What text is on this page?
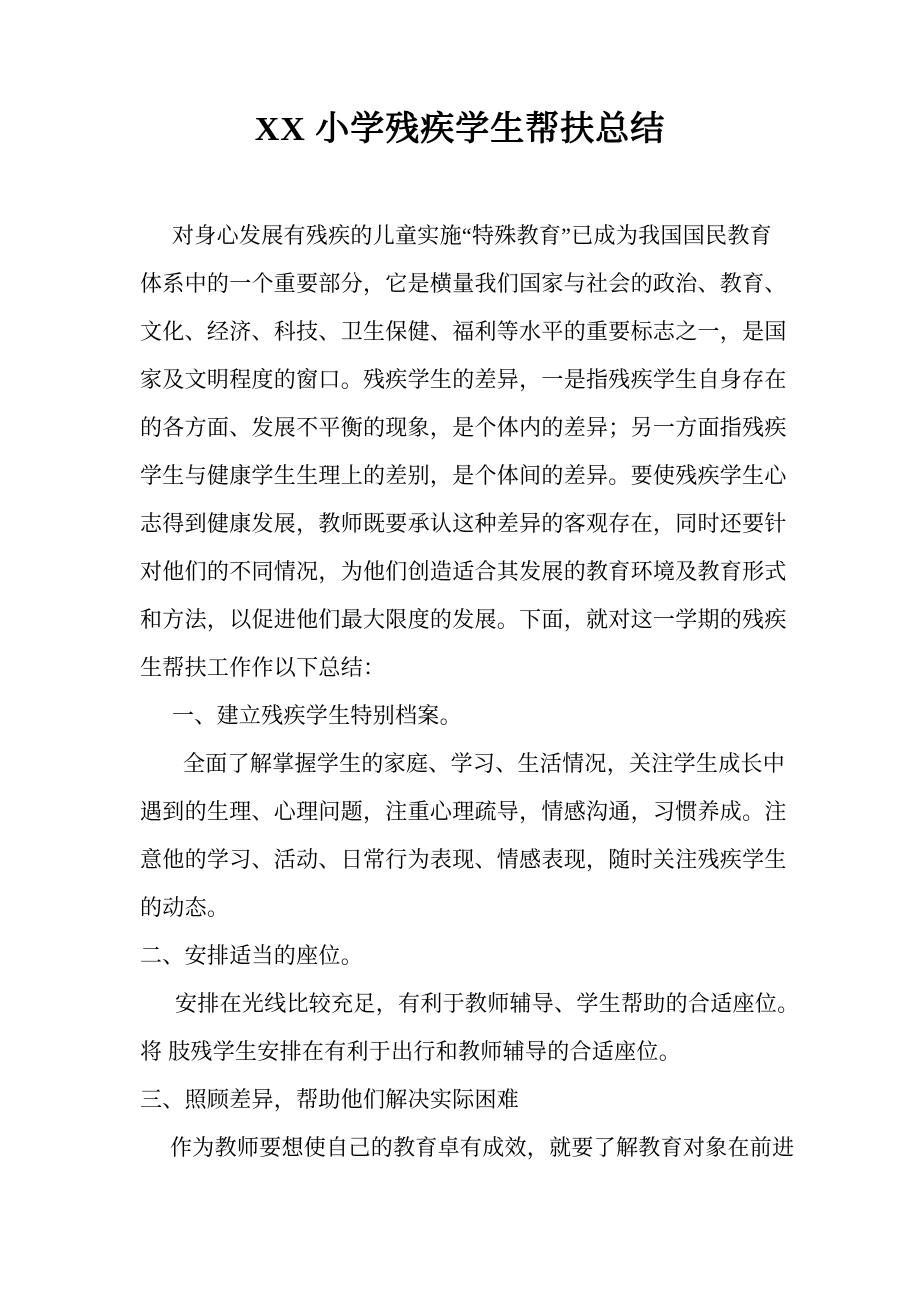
XX 小学残疾学生帮扶总结
对身心发展有残疾的儿童实施“特殊教育”已成为我国国民教育
体系中的一个重要部分，它是横量我们国家与社会的政治、教育、
文化、经济、科技、卫生保健、福利等水平的重要标志之一，是国
家及文明程度的窗口。残疾学生的差异，一是指残疾学生自身存在
的各方面、发展不平衡的现象，是个体内的差异；另一方面指残疾
学生与健康学生生理上的差别，是个体间的差异。要使残疾学生心
志得到健康发展，教师既要承认这种差异的客观存在，同时还要针
对他们的不同情况，为他们创造适合其发展的教育环境及教育形式
和方法，以促进他们最大限度的发展。下面，就对这一学期的残疾
生帮扶工作作以下总结：
一、建立残疾学生特别档案。
全面了解掌握学生的家庭、学习、生活情况，关注学生成长中
遇到的生理、心理问题，注重心理疏导，情感沟通，习惯养成。注
意他的学习、活动、日常行为表现、情感表现，随时关注残疾学生
的动态。
二、安排适当的座位。
安排在光线比较充足，有利于教师辅导、学生帮助的合适座位。
将 肢残学生安排在有利于出行和教师辅导的合适座位。
三、照顾差异，帮助他们解决实际困难
作为教师要想使自己的教育卓有成效，就要了解教育对象在前进
